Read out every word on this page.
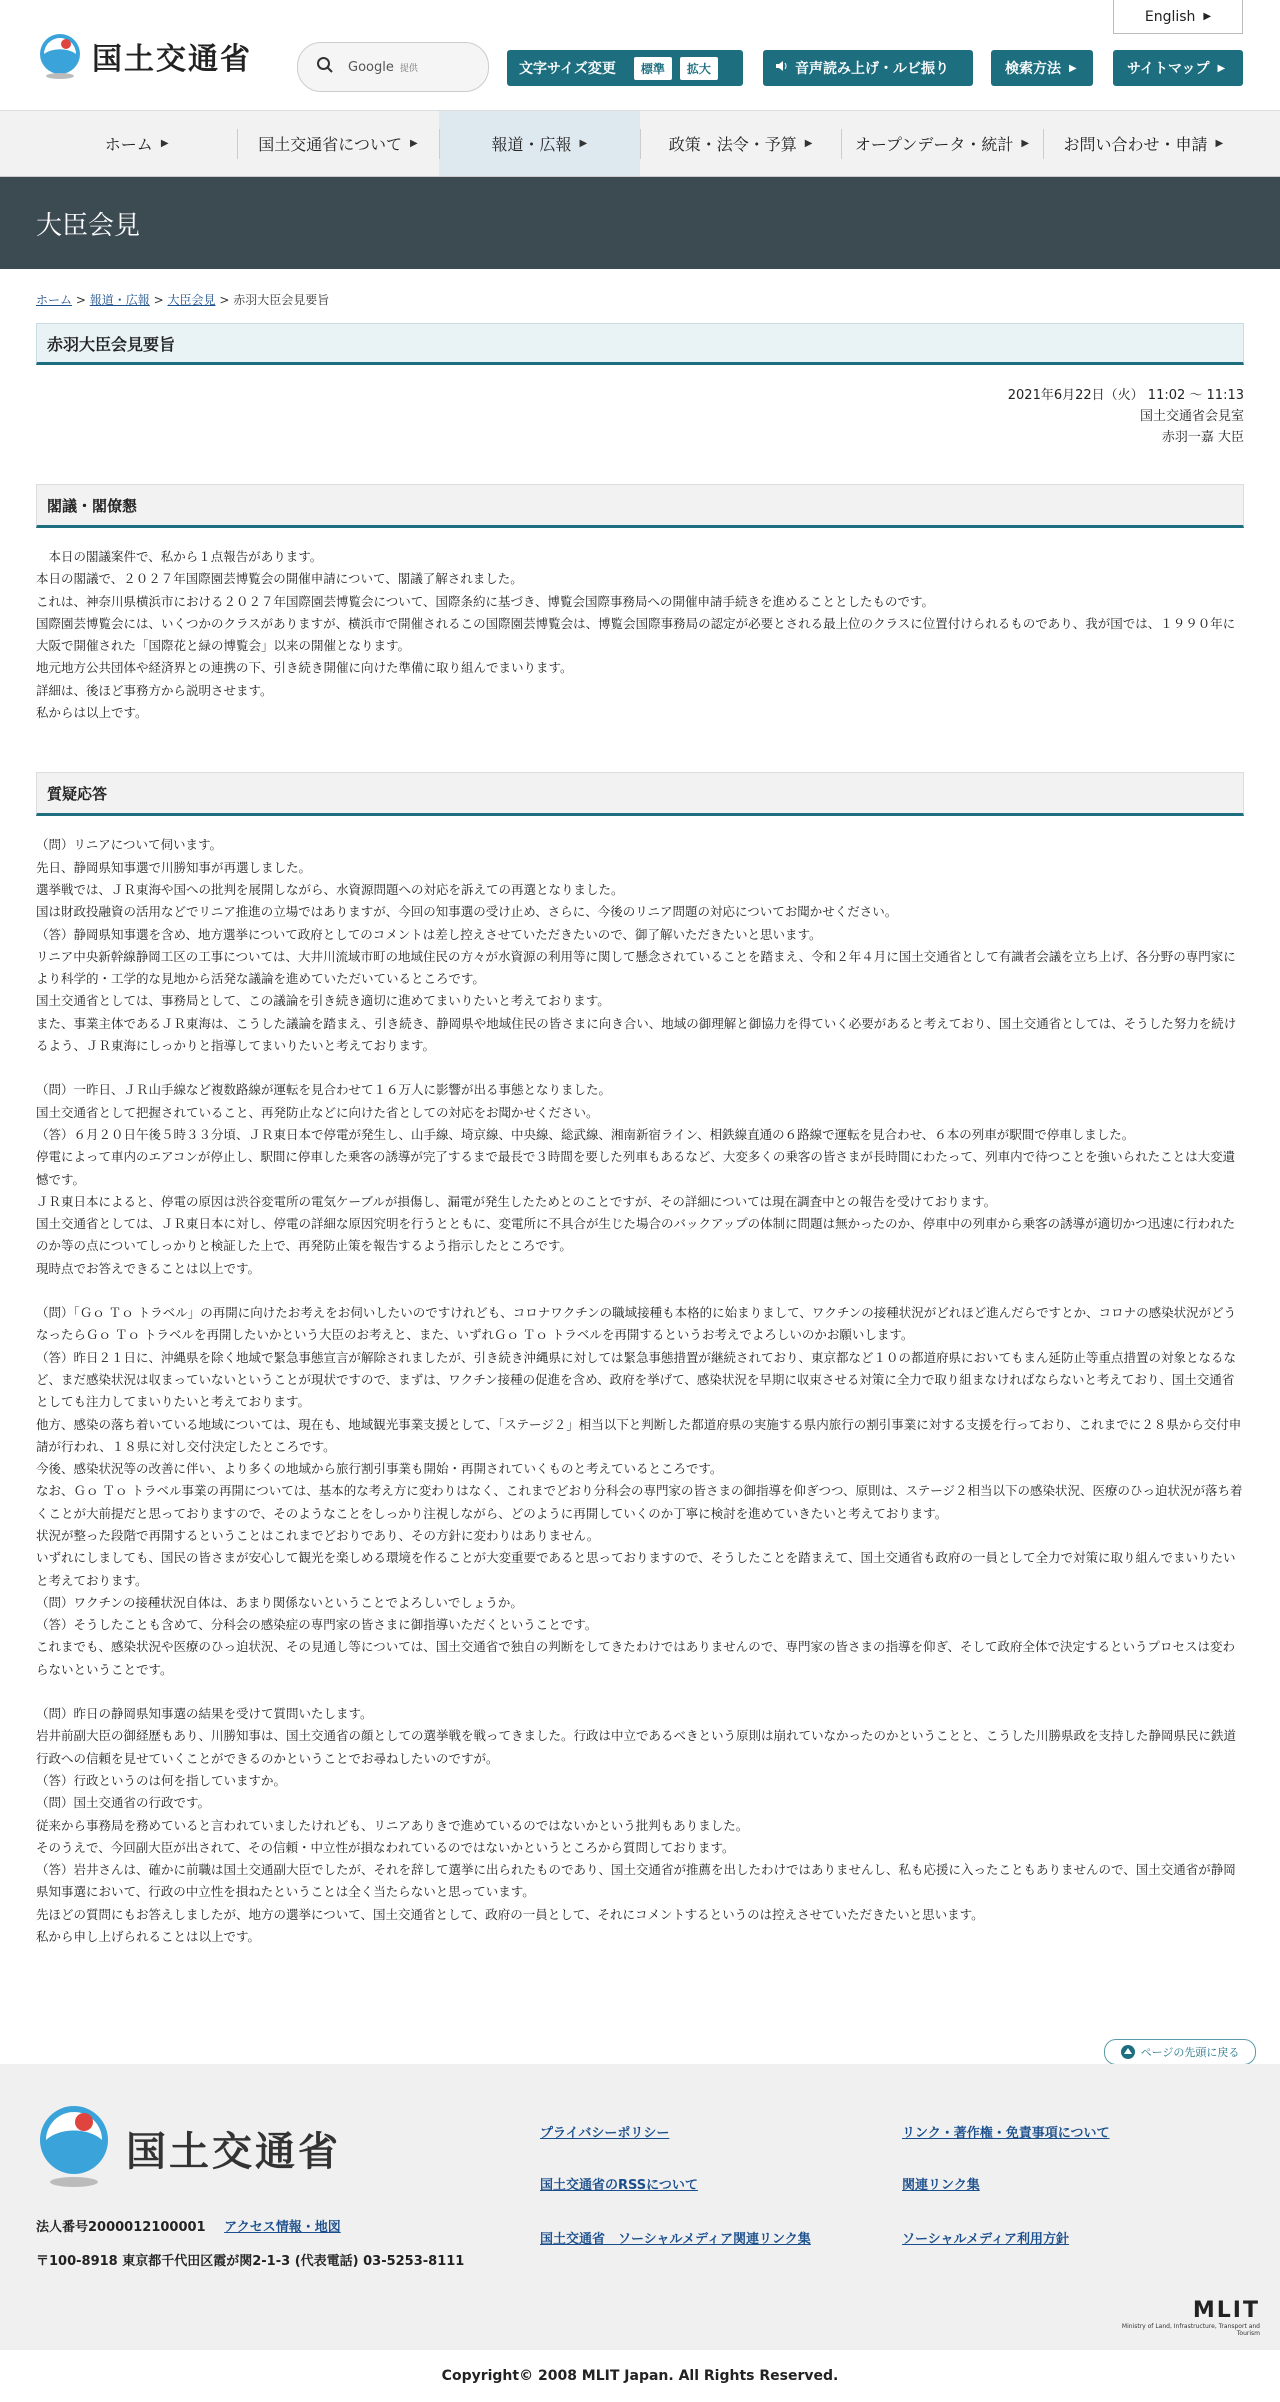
国土交通省	Google 提供	文字サイズ変更	標準	拡大	音声読み上げ・ルビ振り	検索方法 ▶	サイトマップ ▶
English ▶
ホーム ▶	国土交通省について ▶	報道・広報 ▶	政策・法令・予算 ▶	オープンデータ・統計 ▶ お問い合わせ・申請 ▶
大臣会見
ホーム > 報道・広報 > 大臣会見 > 赤羽大臣会見要旨
赤羽大臣会見要旨
2021年6月22日（火） 11:02 ～ 11:13
国土交通省会見室
赤羽一嘉 大臣
閣議・閣僚懇

　本日の閣議案件で、私から１点報告があります。

本日の閣議で、２０２７年国際園芸博覧会の開催申請について、閣議了解されました。

これは、神奈川県横浜市における２０２７年国際園芸博覧会について、国際条約に基づき、博覧会国際事務局への開催申請手続きを進めることとしたものです。

国際園芸博覧会には、いくつかのクラスがありますが、横浜市で開催されるこの国際園芸博覧会は、博覧会国際事務局の認定が必要とされる最上位のクラスに位置付けられるものであり、我が国では、１９９０年に大阪で開催された「国際花と緑の博覧会」以来の開催となります。

地元地方公共団体や経済界との連携の下、引き続き開催に向けた準備に取り組んでまいります。

詳細は、後ほど事務方から説明させます。

私からは以上です。

質疑応答

（問）リニアについて伺います。

先日、静岡県知事選で川勝知事が再選しました。

選挙戦では、ＪＲ東海や国への批判を展開しながら、水資源問題への対応を訴えての再選となりました。

国は財政投融資の活用などでリニア推進の立場ではありますが、今回の知事選の受け止め、さらに、今後のリニア問題の対応についてお聞かせください。

（答）静岡県知事選を含め、地方選挙について政府としてのコメントは差し控えさせていただきたいので、御了解いただきたいと思います。

リニア中央新幹線静岡工区の工事については、大井川流域市町の地域住民の方々が水資源の利用等に関して懸念されていることを踏まえ、令和２年４月に国土交通省として有識者会議を立ち上げ、各分野の専門家により科学的・工学的な見地から活発な議論を進めていただいているところです。

国土交通省としては、事務局として、この議論を引き続き適切に進めてまいりたいと考えております。

また、事業主体であるＪＲ東海は、こうした議論を踏まえ、引き続き、静岡県や地域住民の皆さまに向き合い、地域の御理解と御協力を得ていく必要があると考えており、国土交通省としては、そうした努力を続けるよう、ＪＲ東海にしっかりと指導してまいりたいと考えております。

（問）一昨日、ＪＲ山手線など複数路線が運転を見合わせて１６万人に影響が出る事態となりました。

国土交通省として把握されていること、再発防止などに向けた省としての対応をお聞かせください。

（答）６月２０日午後５時３３分頃、ＪＲ東日本で停電が発生し、山手線、埼京線、中央線、総武線、湘南新宿ライン、相鉄線直通の６路線で運転を見合わせ、６本の列車が駅間で停車しました。

停電によって車内のエアコンが停止し、駅間に停車した乗客の誘導が完了するまで最長で３時間を要した列車もあるなど、大変多くの乗客の皆さまが長時間にわたって、列車内で待つことを強いられたことは大変遺憾です。

ＪＲ東日本によると、停電の原因は渋谷変電所の電気ケーブルが損傷し、漏電が発生したためとのことですが、その詳細については現在調査中との報告を受けております。

国土交通省としては、ＪＲ東日本に対し、停電の詳細な原因究明を行うとともに、変電所に不具合が生じた場合のバックアップの体制に問題は無かったのか、停車中の列車から乗客の誘導が適切かつ迅速に行われたのか等の点についてしっかりと検証した上で、再発防止策を報告するよう指示したところです。

現時点でお答えできることは以上です。

（問）「Ｇｏ Ｔｏ トラベル」の再開に向けたお考えをお伺いしたいのですけれども、コロナワクチンの職域接種も本格的に始まりまして、ワクチンの接種状況がどれほど進んだらですとか、コロナの感染状況がどうなったらＧｏ Ｔｏ トラベルを再開したいかという大臣のお考えと、また、いずれＧｏ Ｔｏ トラベルを再開するというお考えでよろしいのかお願いします。

（答）昨日２１日に、沖縄県を除く地域で緊急事態宣言が解除されましたが、引き続き沖縄県に対しては緊急事態措置が継続されており、東京都など１０の都道府県においてもまん延防止等重点措置の対象となるなど、まだ感染状況は収まっていないということが現状ですので、まずは、ワクチン接種の促進を含め、政府を挙げて、感染状況を早期に収束させる対策に全力で取り組まなければならないと考えており、国土交通省としても注力してまいりたいと考えております。

他方、感染の落ち着いている地域については、現在も、地域観光事業支援として、「ステージ２」相当以下と判断した都道府県の実施する県内旅行の割引事業に対する支援を行っており、これまでに２８県から交付申請が行われ、１８県に対し交付決定したところです。

今後、感染状況等の改善に伴い、より多くの地域から旅行割引事業も開始・再開されていくものと考えているところです。

なお、Ｇｏ Ｔｏ トラベル事業の再開については、基本的な考え方に変わりはなく、これまでどおり分科会の専門家の皆さまの御指導を仰ぎつつ、原則は、ステージ２相当以下の感染状況、医療のひっ迫状況が落ち着くことが大前提だと思っておりますので、そのようなことをしっかり注視しながら、どのように再開していくのか丁寧に検討を進めていきたいと考えております。

状況が整った段階で再開するということはこれまでどおりであり、その方針に変わりはありません。

いずれにしましても、国民の皆さまが安心して観光を楽しめる環境を作ることが大変重要であると思っておりますので、そうしたことを踏まえて、国土交通省も政府の一員として全力で対策に取り組んでまいりたいと考えております。

（問）ワクチンの接種状況自体は、あまり関係ないということでよろしいでしょうか。

（答）そうしたことも含めて、分科会の感染症の専門家の皆さまに御指導いただくということです。

これまでも、感染状況や医療のひっ迫状況、その見通し等については、国土交通省で独自の判断をしてきたわけではありませんので、専門家の皆さまの指導を仰ぎ、そして政府全体で決定するというプロセスは変わらないということです。

（問）昨日の静岡県知事選の結果を受けて質問いたします。

岩井前副大臣の御経歴もあり、川勝知事は、国土交通省の顔としての選挙戦を戦ってきました。行政は中立であるべきという原則は崩れていなかったのかということと、こうした川勝県政を支持した静岡県民に鉄道行政への信頼を見せていくことができるのかということでお尋ねしたいのですが。

（答）行政というのは何を指していますか。

（問）国土交通省の行政です。

従来から事務局を務めていると言われていましたけれども、リニアありきで進めているのではないかという批判もありました。

そのうえで、今回副大臣が出されて、その信頼・中立性が損なわれているのではないかというところから質問しております。

（答）岩井さんは、確かに前職は国土交通副大臣でしたが、それを辞して選挙に出られたものであり、国土交通省が推薦を出したわけではありませんし、私も応援に入ったこともありませんので、国土交通省が静岡県知事選において、行政の中立性を損ねたということは全く当たらないと思っています。

先ほどの質問にもお答えしましたが、地方の選挙について、国土交通省として、政府の一員として、それにコメントするというのは控えさせていただきたいと思います。

私から申し上げられることは以上です。

ページの先頭に戻る
国土交通省
法人番号2000012100001 アクセス情報・地図
〒100-8918 東京都千代田区霞が関2-1-3 (代表電話) 03-5253-8111
プライバシーポリシー	リンク・著作権・免責事項について
国土交通省のRSSについて	関連リンク集
国土交通省　ソーシャルメディア関連リンク集	ソーシャルメディア利用方針
MLIT
Ministry of Land, Infrastructure, Transport and Tourism
Copyright© 2008 MLIT Japan. All Rights Reserved.
